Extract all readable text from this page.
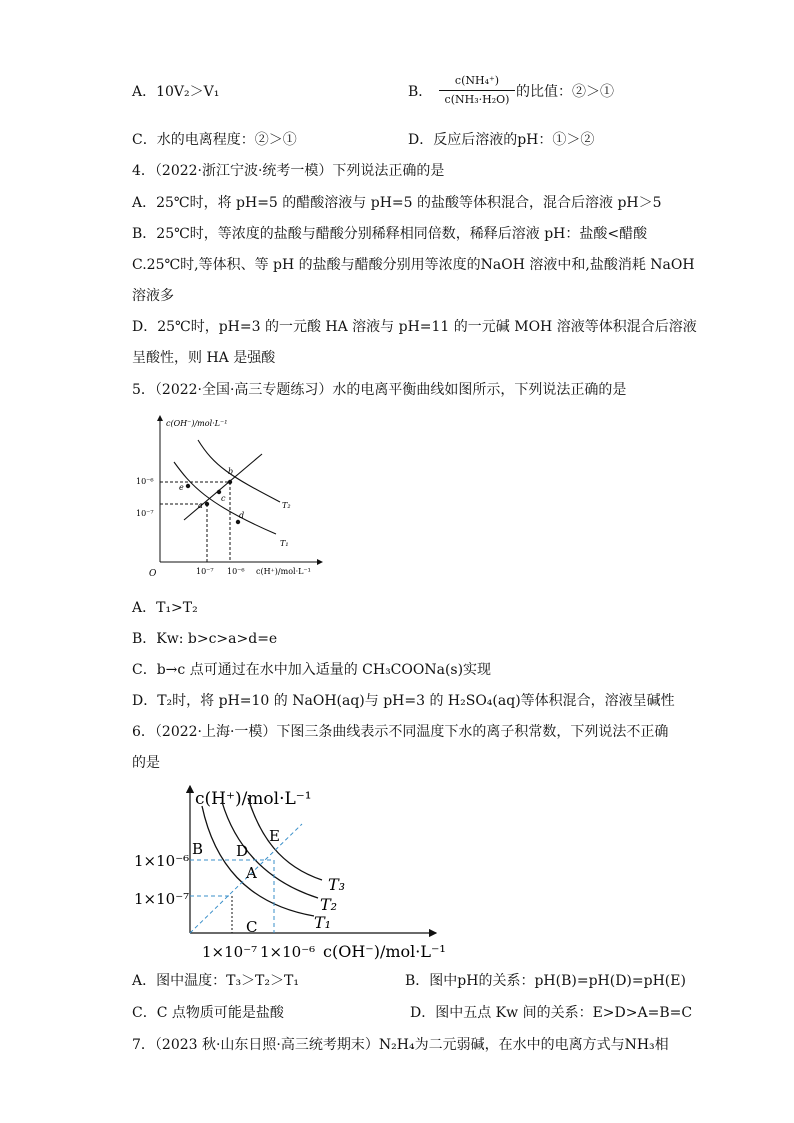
A．10V₂＞V₁	B．
c(NH₄⁺)
c(NH₃·H₂O) 的比值：②＞①
C．水的电离程度：②＞①	D．反应后溶液的pH：①＞②
4．（2022·浙江宁波·统考一模）下列说法正确的是
A．25℃时，将 pH=5 的醋酸溶液与 pH=5 的盐酸等体积混合，混合后溶液 pH＞5
B．25℃时，等浓度的盐酸与醋酸分别稀释相同倍数，稀释后溶液 pH：盐酸<醋酸
C.25℃时,等体积、等 pH 的盐酸与醋酸分别用等浓度的NaOH 溶液中和,盐酸消耗 NaOH
溶液多
D．25℃时，pH=3 的一元酸 HA 溶液与 pH=11 的一元碱 MOH 溶液等体积混合后溶液
呈酸性，则 HA 是强酸
5．（2022·全国·高三专题练习）水的电离平衡曲线如图所示，下列说法正确的是
c(OH⁻)/mol·L⁻¹
c(H⁺)/mol·L⁻¹
O
10⁻⁶
10⁻⁷
10⁻⁷ 10⁻⁶
b
a
c
d
e
T₂
T₁
A．T₁>T₂
B．Kw: b>c>a>d=e
C．b→c 点可通过在水中加入适量的 CH₃COONa(s)实现
D．T₂时，将 pH=10 的 NaOH(aq)与 pH=3 的 H₂SO₄(aq)等体积混合，溶液呈碱性
6．（2022·上海·一模）下图三条曲线表示不同温度下水的离子积常数，下列说法不正确
的是
c(H⁺)/mol·L⁻¹
c(OH⁻)/mol·L⁻¹
1×10⁻⁶
1×10⁻⁷
1×10⁻⁷ 1×10⁻⁶
B D
E
A
C
T₃
T₂
T₁
A．图中温度：T₃＞T₂＞T₁	B．图中pH的关系：pH(B)=pH(D)=pH(E)
C．C 点物质可能是盐酸	D．图中五点 Kw 间的关系：E>D>A=B=C
7．（2023 秋·山东日照·高三统考期末）N₂H₄为二元弱碱，在水中的电离方式与NH₃相
